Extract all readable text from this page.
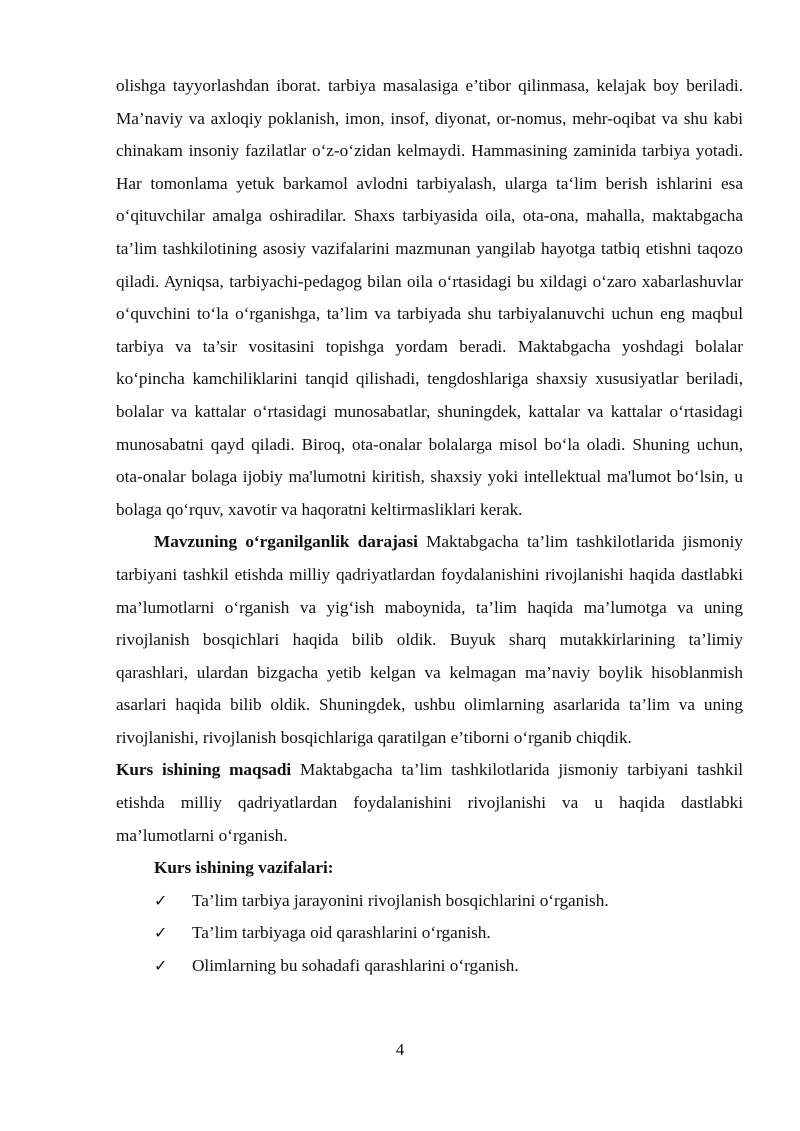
olishga tayyorlashdan iborat. tarbiya masalasiga e’tibor qilinmasa, kelajak boy beriladi. Ma’naviy va axloqiy poklanish, imon, insof, diyonat, or-nomus, mehr-oqibat va shu kabi chinakam insoniy fazilatlar o‘z-o‘zidan kelmaydi. Hammasining zaminida tarbiya yotadi. Har tomonlama yetuk barkamol avlodni tarbiyalash, ularga ta‘lim berish ishlarini esa o‘qituvchilar amalga oshiradilar. Shaxs tarbiyasida oila, ota-ona, mahalla, maktabgacha ta’lim tashkilotining asosiy vazifalarini mazmunan yangilab hayotga tatbiq etishni taqozo qiladi. Ayniqsa, tarbiyachi-pedagog bilan oila o‘rtasidagi bu xildagi o‘zaro xabarlashuvlar o‘quvchini to‘la o‘rganishga, ta’lim va tarbiyada shu tarbiyalanuvchi uchun eng maqbul tarbiya va ta’sir vositasini topishga yordam beradi. Maktabgacha yoshdagi bolalar ko‘pincha kamchiliklarini tanqid qilishadi, tengdoshlariga shaxsiy xususiyatlar beriladi, bolalar va kattalar o‘rtasidagi munosabatlar, shuningdek, kattalar va kattalar o‘rtasidagi munosabatni qayd qiladi. Biroq, ota-onalar bolalarga misol bo‘la oladi. Shuning uchun, ota-onalar bolaga ijobiy ma'lumotni kiritish, shaxsiy yoki intellektual ma'lumot bo‘lsin, u bolaga qo‘rquv, xavotir va haqoratni keltirmasliklari kerak.

Mavzuning o‘rganilganlik darajasi Maktabgacha ta’lim tashkilotlarida jismoniy tarbiyani tashkil etishda milliy qadriyatlardan foydalanishini rivojlanishi haqida dastlabki ma’lumotlarni o‘rganish va yig‘ish maboynida, ta’lim haqida ma’lumotga va uning rivojlanish bosqichlari haqida bilib oldik. Buyuk sharq mutakkirlarining ta’limiy qarashlari, ulardan bizgacha yetib kelgan va kelmagan ma’naviy boylik hisoblanmish asarlari haqida bilib oldik. Shuningdek, ushbu olimlarning asarlarida ta’lim va uning rivojlanishi, rivojlanish bosqichlariga qaratilgan e’tiborni o‘rganib chiqdik.

Kurs ishining maqsadi Maktabgacha ta’lim tashkilotlarida jismoniy tarbiyani tashkil etishda milliy qadriyatlardan foydalanishini rivojlanishi va u haqida dastlabki ma’lumotlarni o‘rganish.

Kurs ishining vazifalari:

✓	Ta’lim tarbiya jarayonini rivojlanish bosqichlarini o‘rganish.
✓	Ta’lim tarbiyaga oid qarashlarini o‘rganish.
✓	Olimlarning bu sohadafi qarashlarini o‘rganish.
4
